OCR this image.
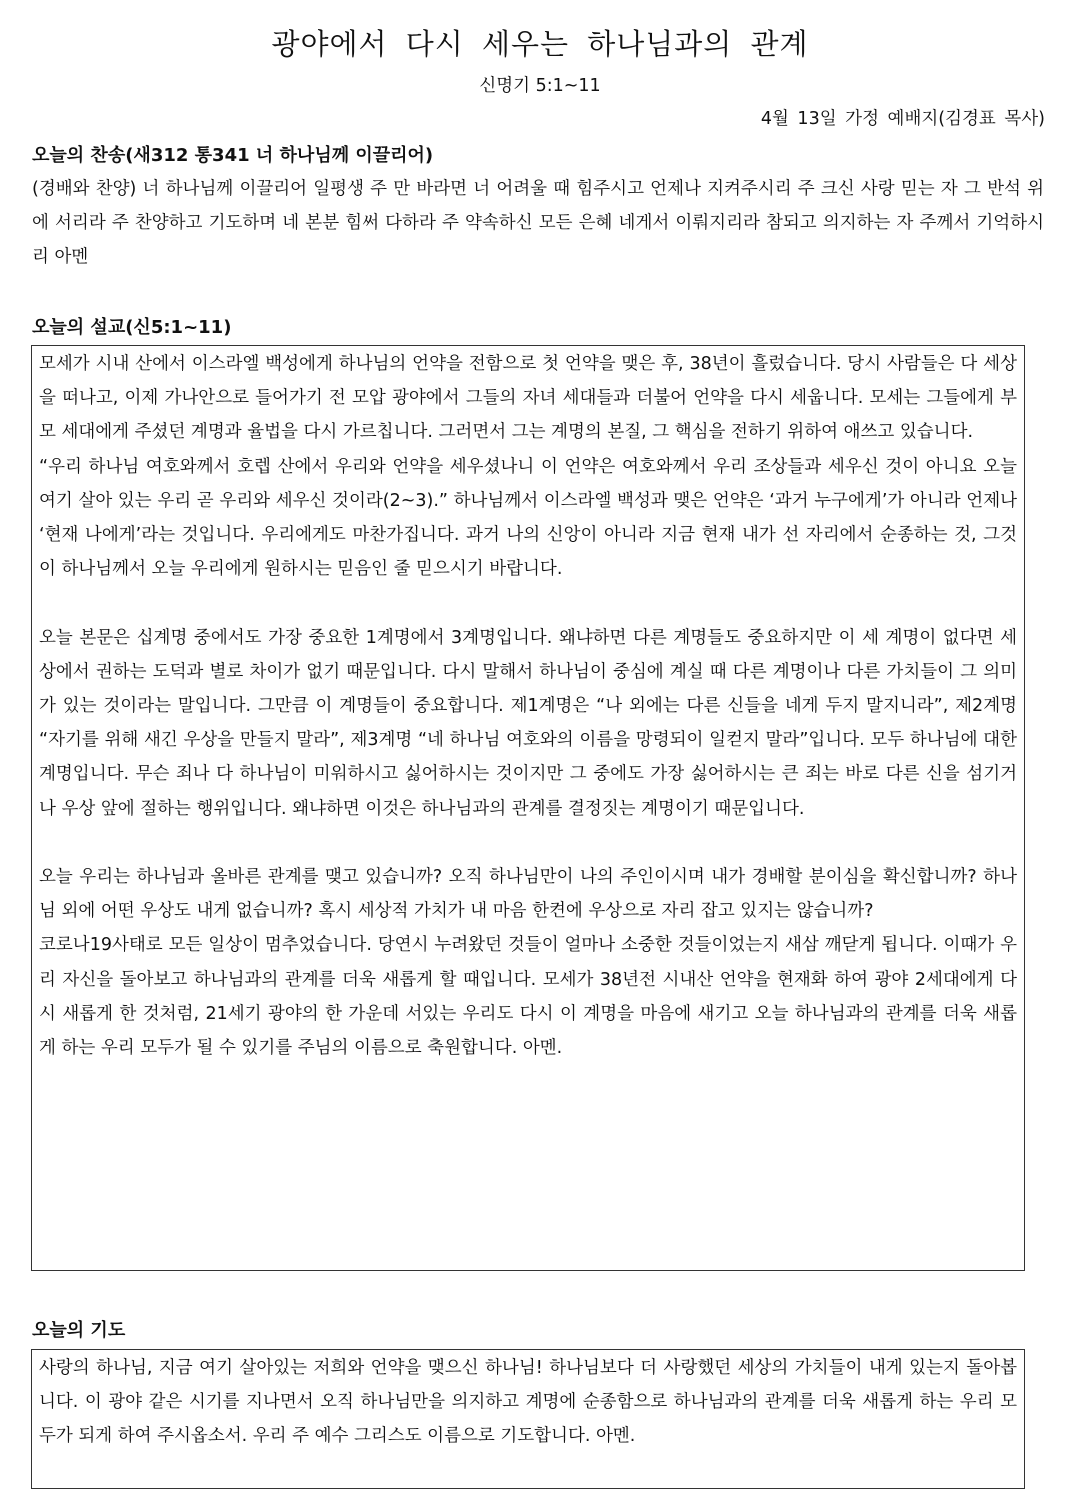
광야에서 다시 세우는 하나님과의 관계
신명기 5:1~11
4월 13일 가정 예배지(김경표 목사)
오늘의 찬송(새312 통341 너 하나님께 이끌리어)
(경배와 찬양) 너 하나님께 이끌리어 일평생 주 만 바라면 너 어려울 때 힘주시고 언제나 지켜주시리 주 크신 사랑 믿는 자 그 반석 위에 서리라 주 찬양하고 기도하며 네 본분 힘써 다하라 주 약속하신 모든 은혜 네게서 이뤄지리라 참되고 의지하는 자 주께서 기억하시리 아멘
오늘의 설교(신5:1~11)

모세가 시내 산에서 이스라엘 백성에게 하나님의 언약을 전함으로 첫 언약을 맺은 후, 38년이 흘렀습니다. 당시 사람들은 다 세상을 떠나고, 이제 가나안으로 들어가기 전 모압 광야에서 그들의 자녀 세대들과 더불어 언약을 다시 세웁니다. 모세는 그들에게 부모 세대에게 주셨던 계명과 율법을 다시 가르칩니다. 그러면서 그는 계명의 본질, 그 핵심을 전하기 위하여 애쓰고 있습니다.

“우리 하나님 여호와께서 호렙 산에서 우리와 언약을 세우셨나니 이 언약은 여호와께서 우리 조상들과 세우신 것이 아니요 오늘 여기 살아 있는 우리 곧 우리와 세우신 것이라(2~3).” 하나님께서 이스라엘 백성과 맺은 언약은 ‘과거 누구에게’가 아니라 언제나 ‘현재 나에게’라는 것입니다. 우리에게도 마찬가집니다. 과거 나의 신앙이 아니라 지금 현재 내가 선 자리에서 순종하는 것, 그것이 하나님께서 오늘 우리에게 원하시는 믿음인 줄 믿으시기 바랍니다.

오늘 본문은 십계명 중에서도 가장 중요한 1계명에서 3계명입니다. 왜냐하면 다른 계명들도 중요하지만 이 세 계명이 없다면 세상에서 권하는 도덕과 별로 차이가 없기 때문입니다. 다시 말해서 하나님이 중심에 계실 때 다른 계명이나 다른 가치들이 그 의미가 있는 것이라는 말입니다. 그만큼 이 계명들이 중요합니다. 제1계명은 “나 외에는 다른 신들을 네게 두지 말지니라”, 제2계명 “자기를 위해 새긴 우상을 만들지 말라”, 제3계명 “네 하나님 여호와의 이름을 망령되이 일컫지 말라”입니다. 모두 하나님에 대한 계명입니다. 무슨 죄나 다 하나님이 미워하시고 싫어하시는 것이지만 그 중에도 가장 싫어하시는 큰 죄는 바로 다른 신을 섬기거나 우상 앞에 절하는 행위입니다. 왜냐하면 이것은 하나님과의 관계를 결정짓는 계명이기 때문입니다.

오늘 우리는 하나님과 올바른 관계를 맺고 있습니까? 오직 하나님만이 나의 주인이시며 내가 경배할 분이심을 확신합니까? 하나님 외에 어떤 우상도 내게 없습니까? 혹시 세상적 가치가 내 마음 한켠에 우상으로 자리 잡고 있지는 않습니까?

코로나19사태로 모든 일상이 멈추었습니다. 당연시 누려왔던 것들이 얼마나 소중한 것들이었는지 새삼 깨닫게 됩니다. 이때가 우리 자신을 돌아보고 하나님과의 관계를 더욱 새롭게 할 때입니다. 모세가 38년전 시내산 언약을 현재화 하여 광야 2세대에게 다시 새롭게 한 것처럼, 21세기 광야의 한 가운데 서있는 우리도 다시 이 계명을 마음에 새기고 오늘 하나님과의 관계를 더욱 새롭게 하는 우리 모두가 될 수 있기를 주님의 이름으로 축원합니다. 아멘.

오늘의 기도

사랑의 하나님, 지금 여기 살아있는 저희와 언약을 맺으신 하나님! 하나님보다 더 사랑했던 세상의 가치들이 내게 있는지 돌아봅니다. 이 광야 같은 시기를 지나면서 오직 하나님만을 의지하고 계명에 순종함으로 하나님과의 관계를 더욱 새롭게 하는 우리 모두가 되게 하여 주시옵소서. 우리 주 예수 그리스도 이름으로 기도합니다. 아멘.
